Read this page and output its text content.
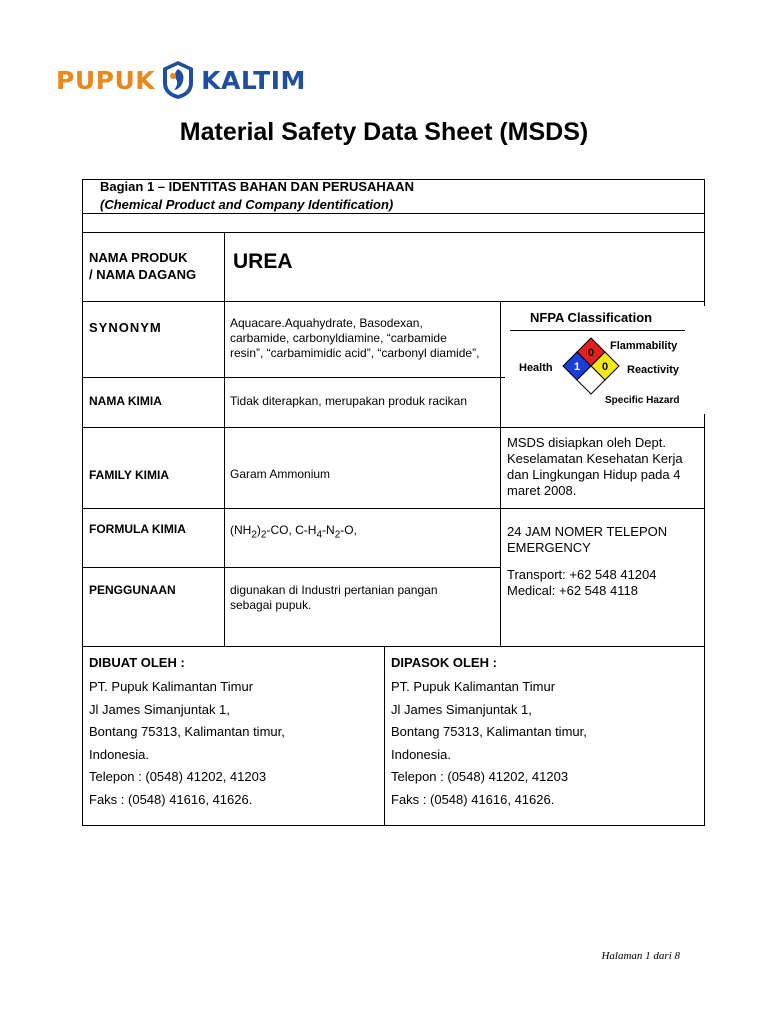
PUPUK KALTIM
Material Safety Data Sheet (MSDS)
Bagian 1 – IDENTITAS BAHAN DAN PERUSAHAAN
(Chemical Product and Company Identification)
NAMA PRODUK
/ NAMA DAGANG
UREA
SYNONYM	Aquacare.Aquahydrate, Basodexan,
carbamide, carbonyldiamine, “carbamide
resin”, “carbamimidic acid”, “carbonyl diamide”,
NAMA KIMIA	Tidak diterapkan, merupakan produk racikan
NFPA Classification
0
1 0
Health
Flammability
Reactivity
Specific Hazard
FAMILY KIMIA	Garam Ammonium
MSDS disiapkan oleh Dept.
Keselamatan Kesehatan Kerja
dan Lingkungan Hidup pada 4
maret 2008.
FORMULA KIMIA	$(NH_2)_2-CO$, $C-H_4-N_2-O$,	24 JAM NOMER TELEPON
EMERGENCY
PENGGUNAAN	digunakan di Industri pertanian pangan
sebagai pupuk.
Transport: +62 548 41204
Medical: +62 548 4118
DIBUAT OLEH :
PT. Pupuk Kalimantan Timur
Jl James Simanjuntak 1,
Bontang 75313, Kalimantan timur,
Indonesia.
Telepon : (0548) 41202, 41203
Faks : (0548) 41616, 41626.
DIPASOK OLEH :
PT. Pupuk Kalimantan Timur
Jl James Simanjuntak 1,
Bontang 75313, Kalimantan timur,
Indonesia.
Telepon : (0548) 41202, 41203
Faks : (0548) 41616, 41626.
Halaman 1 dari 8
